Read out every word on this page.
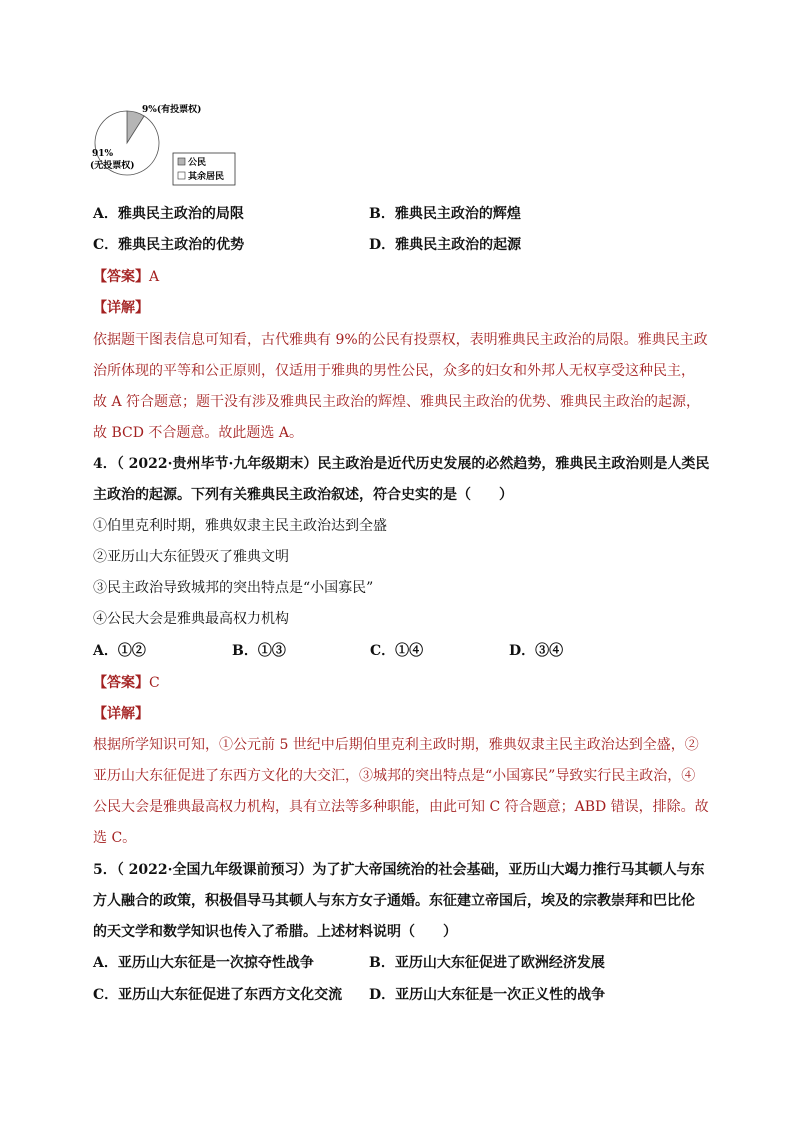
9%(有投票权)
91%
(无投票权)	公民
其余居民
A．雅典民主政治的局限	B．雅典民主政治的辉煌
C．雅典民主政治的优势	D．雅典民主政治的起源
【答案】A
【详解】
依据题干图表信息可知看，古代雅典有 9%的公民有投票权，表明雅典民主政治的局限。雅典民主政
治所体现的平等和公正原则，仅适用于雅典的男性公民，众多的妇女和外邦人无权享受这种民主，
故 A 符合题意；题干没有涉及雅典民主政治的辉煌、雅典民主政治的优势、雅典民主政治的起源，
故 BCD 不合题意。故此题选 A。
4．（ 2022·贵州毕节·九年级期末）民主政治是近代历史发展的必然趋势，雅典民主政治则是人类民
主政治的起源。下列有关雅典民主政治叙述，符合史实的是（　　）
①伯里克利时期，雅典奴隶主民主政治达到全盛
②亚历山大东征毁灭了雅典文明
③民主政治导致城邦的突出特点是“小国寡民”
④公民大会是雅典最高权力机构
A．①②	B．①③	C．①④	D．③④
【答案】C
【详解】
根据所学知识可知，①公元前 5 世纪中后期伯里克利主政时期，雅典奴隶主民主政治达到全盛，②
亚历山大东征促进了东西方文化的大交汇，③城邦的突出特点是“小国寡民”导致实行民主政治，④
公民大会是雅典最高权力机构，具有立法等多种职能，由此可知 C 符合题意；ABD 错误，排除。故
选 C。
5．（ 2022·全国九年级课前预习）为了扩大帝国统治的社会基础，亚历山大竭力推行马其顿人与东
方人融合的政策，积极倡导马其顿人与东方女子通婚。东征建立帝国后，埃及的宗教崇拜和巴比伦
的天文学和数学知识也传入了希腊。上述材料说明（　　）
A．亚历山大东征是一次掠夺性战争	B．亚历山大东征促进了欧洲经济发展
C．亚历山大东征促进了东西方文化交流 D．亚历山大东征是一次正义性的战争
